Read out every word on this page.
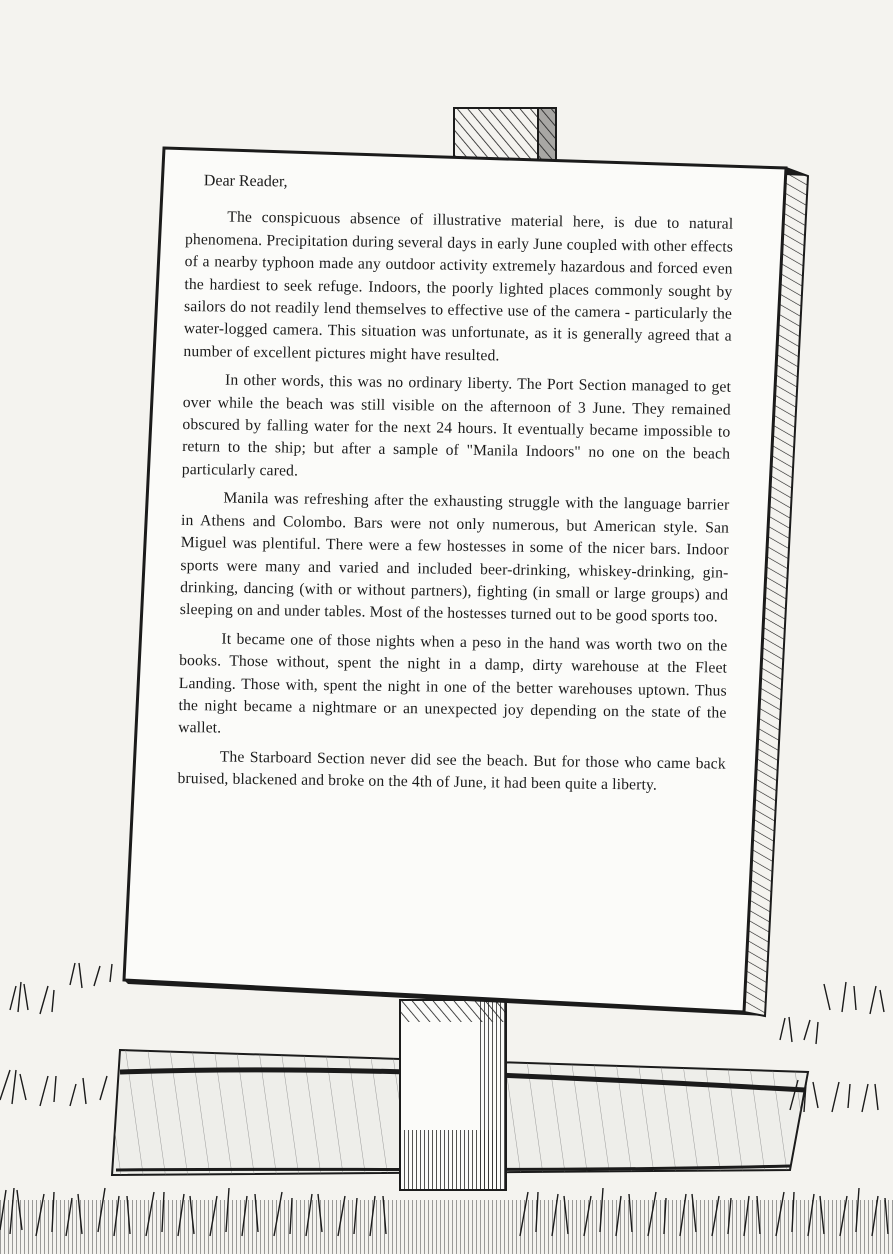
Dear Reader,

The conspicuous absence of illustrative material here, is due to natural phenomena. Precipitation during several days in early June coupled with other effects of a nearby typhoon made any outdoor activity extremely hazardous and forced even the hardiest to seek refuge. Indoors, the poorly lighted places commonly sought by sailors do not readily lend themselves to effective use of the camera - particularly the water-logged camera. This situation was unfortunate, as it is generally agreed that a number of excellent pictures might have resulted.

In other words, this was no ordinary liberty. The Port Section managed to get over while the beach was still visible on the afternoon of 3 June. They remained obscured by falling water for the next 24 hours. It eventually became impossible to return to the ship; but after a sample of "Manila Indoors" no one on the beach particularly cared.

Manila was refreshing after the exhausting struggle with the language barrier in Athens and Colombo. Bars were not only numerous, but American style. San Miguel was plentiful. There were a few hostesses in some of the nicer bars. Indoor sports were many and varied and included beer-drinking, whiskey-drinking, gin-drinking, dancing (with or without partners), fighting (in small or large groups) and sleeping on and under tables. Most of the hostesses turned out to be good sports too.

It became one of those nights when a peso in the hand was worth two on the books. Those without, spent the night in a damp, dirty warehouse at the Fleet Landing. Those with, spent the night in one of the better warehouses uptown. Thus the night became a nightmare or an unexpected joy depending on the state of the wallet.

The Starboard Section never did see the beach. But for those who came back bruised, blackened and broke on the 4th of June, it had been quite a liberty.
